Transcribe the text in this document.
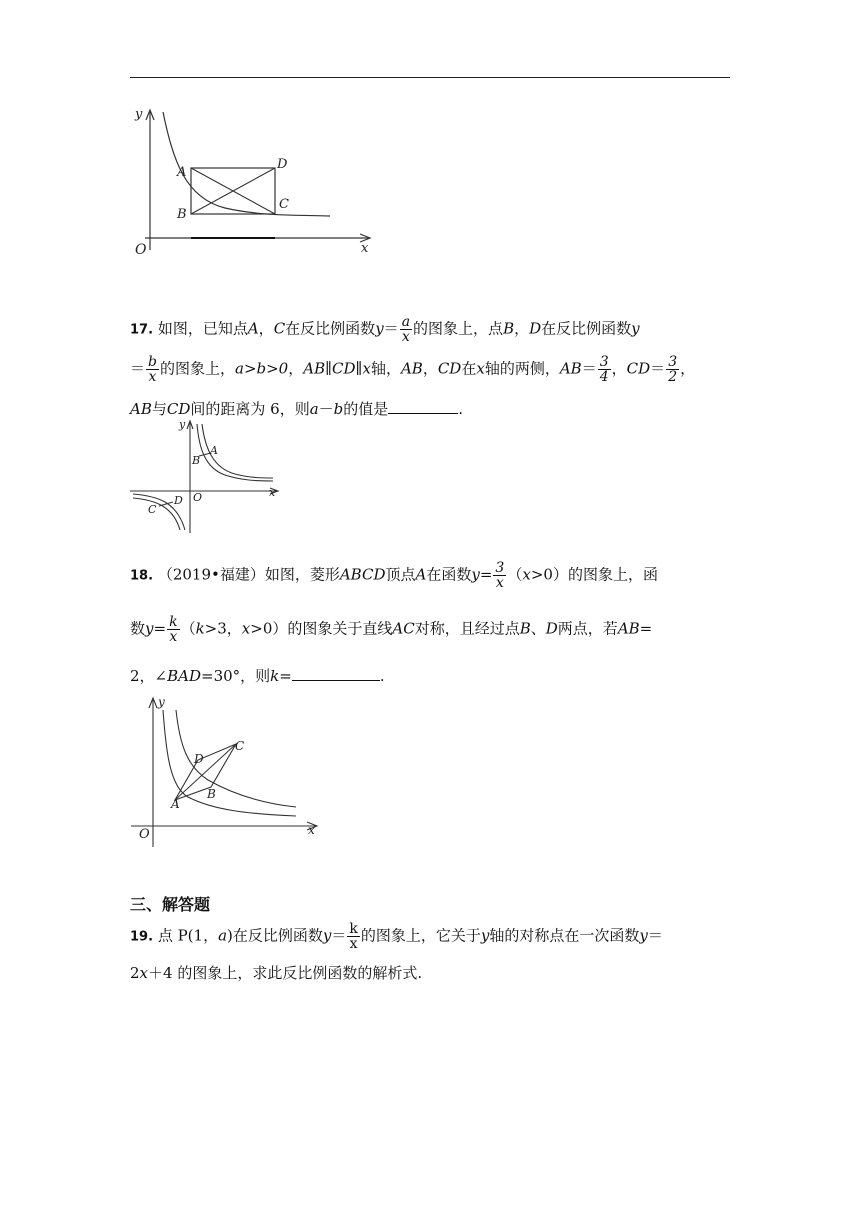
y
x
O
A
B
C
D
17. 如图，已知点A，C在反比例函数$y= \frac{a}{x}$ 的图象上，点B，D在反比例函数y
＝ $\frac{b}{x}$ 的图象上，a>b>0，AB∥CD∥x轴，AB，CD在x轴的两侧，$AB= \frac{3}{4}$ ，$CD= \frac{3}{2}$ ，
AB与CD间的距离为 6，则a－b的值是	.
y
x
O
A
B
C
D
18. （2019•福建）如图，菱形ABCD顶点A在函数$y= \frac{3}{x} (x>0)$的图象上，函
数$y= \frac{k}{x} (k>3$，x>0）的图象关于直线AC对称，且经过点B、D两点，若AB=
2，∠BAD=30°，则k=	.
y
x
O
A
B
C
D
三、解答题
19. 点 P(1，a)在反比例函数$y= \frac{k}{x}$ 的图象上，它关于y轴的对称点在一次函数y＝
2x＋4 的图象上，求此反比例函数的解析式.
